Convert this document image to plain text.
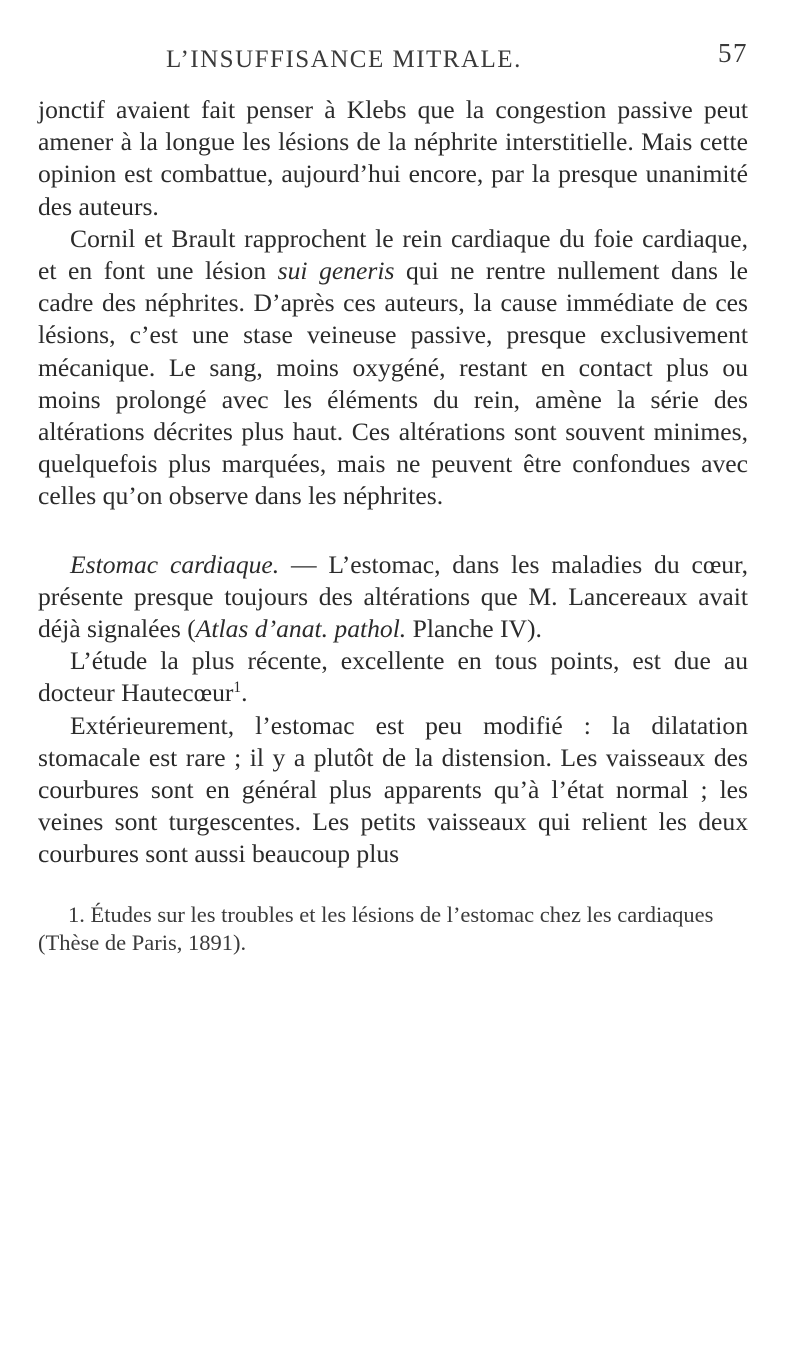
L’INSUFFISANCE MITRALE.	57

jonctif avaient fait penser à Klebs que la congestion passive peut amener à la longue les lésions de la néphrite interstitielle. Mais cette opinion est combattue, aujourd’hui encore, par la presque unanimité des auteurs.

Cornil et Brault rapprochent le rein cardiaque du foie cardiaque, et en font une lésion sui generis qui ne rentre nullement dans le cadre des néphrites. D’après ces auteurs, la cause immédiate de ces lésions, c’est une stase veineuse passive, presque exclusivement mécanique. Le sang, moins oxygéné, restant en contact plus ou moins prolongé avec les éléments du rein, amène la série des altérations décrites plus haut. Ces altérations sont souvent minimes, quelquefois plus marquées, mais ne peuvent être confondues avec celles qu’on observe dans les néphrites.

Estomac cardiaque. — L’estomac, dans les maladies du cœur, présente presque toujours des altérations que M. Lancereaux avait déjà signalées (Atlas d’anat. pathol. Planche IV).

L’étude la plus récente, excellente en tous points, est due au docteur Hautecœur$^1$.

Extérieurement, l’estomac est peu modifié : la dilatation stomacale est rare ; il y a plutôt de la distension. Les vaisseaux des courbures sont en général plus apparents qu’à l’état normal ; les veines sont turgescentes. Les petits vaisseaux qui relient les deux courbures sont aussi beaucoup plus

1. Études sur les troubles et les lésions de l’estomac chez les cardiaques (Thèse de Paris, 1891).
